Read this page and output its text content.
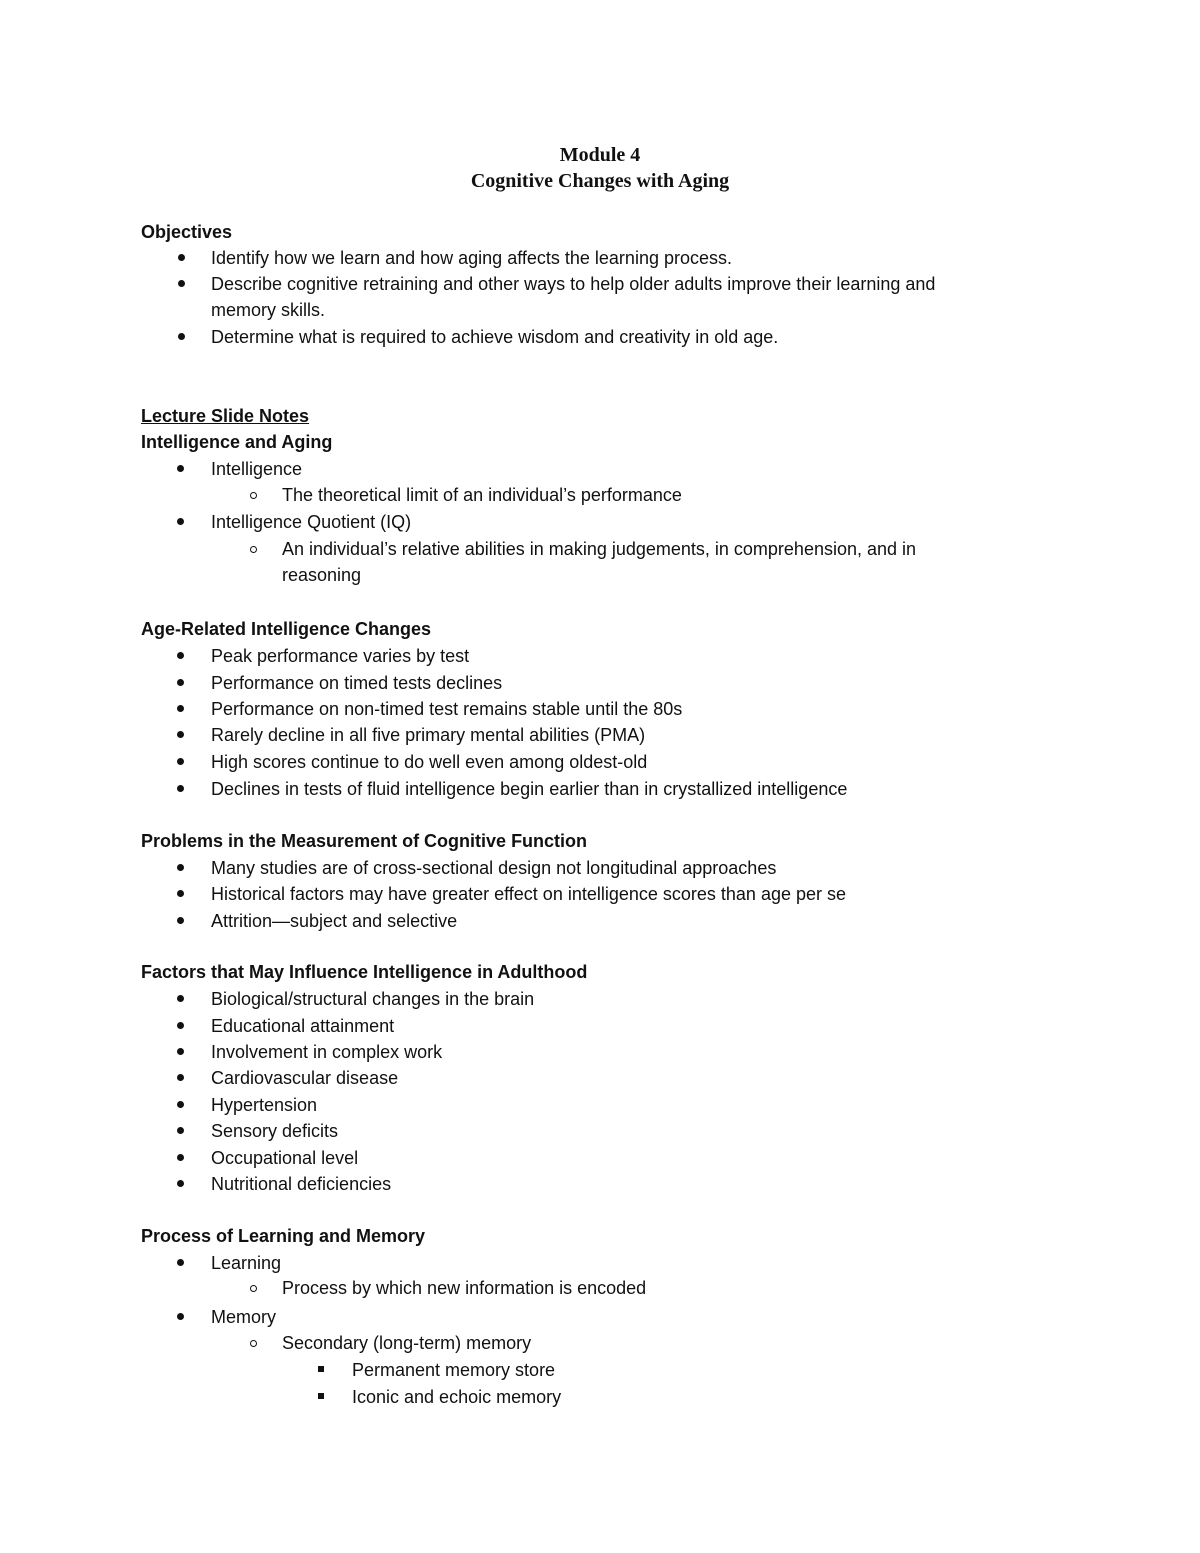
Module 4
Cognitive Changes with Aging
Objectives
Identify how we learn and how aging affects the learning process.
Describe cognitive retraining and other ways to help older adults improve their learning and
memory skills.
Determine what is required to achieve wisdom and creativity in old age.
Lecture Slide Notes
Intelligence and Aging
Intelligence
The theoretical limit of an individual’s performance
Intelligence Quotient (IQ)
An individual’s relative abilities in making judgements, in comprehension, and in
reasoning
Age-Related Intelligence Changes
Peak performance varies by test
Performance on timed tests declines
Performance on non-timed test remains stable until the 80s
Rarely decline in all five primary mental abilities (PMA)
High scores continue to do well even among oldest-old
Declines in tests of fluid intelligence begin earlier than in crystallized intelligence
Problems in the Measurement of Cognitive Function
Many studies are of cross-sectional design not longitudinal approaches
Historical factors may have greater effect on intelligence scores than age per se
Attrition—subject and selective
Factors that May Influence Intelligence in Adulthood
Biological/structural changes in the brain
Educational attainment
Involvement in complex work
Cardiovascular disease
Hypertension
Sensory deficits
Occupational level
Nutritional deficiencies
Process of Learning and Memory
Learning
Process by which new information is encoded
Memory
Secondary (long-term) memory
Permanent memory store
Iconic and echoic memory
